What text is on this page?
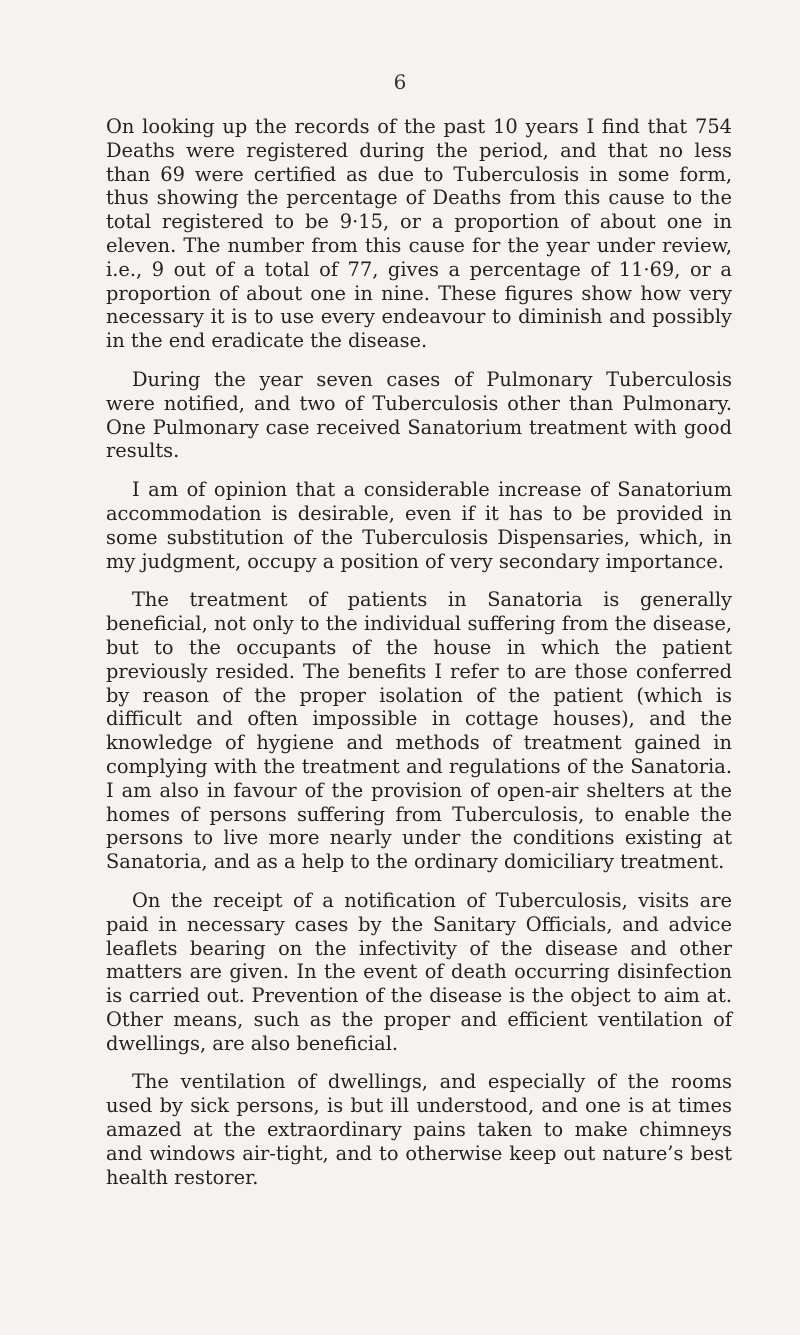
6

On looking up the records of the past 10 years I find that 754 Deaths were registered during the period, and that no less than 69 were certified as due to Tuberculosis in some form, thus showing the percentage of Deaths from this cause to the total registered to be 9·15, or a proportion of about one in eleven. The number from this cause for the year under review, i.e., 9 out of a total of 77, gives a percentage of 11·69, or a proportion of about one in nine. These figures show how very necessary it is to use every endeavour to diminish and possibly in the end eradicate the disease.

During the year seven cases of Pulmonary Tuberculosis were notified, and two of Tuberculosis other than Pulmonary. One Pulmonary case received Sanatorium treatment with good results.

I am of opinion that a considerable increase of Sanatorium accommodation is desirable, even if it has to be provided in some substitution of the Tuberculosis Dispensaries, which, in my judgment, occupy a position of very secondary importance.

The treatment of patients in Sanatoria is generally beneficial, not only to the individual suffering from the disease, but to the occupants of the house in which the patient previously resided. The benefits I refer to are those conferred by reason of the proper isolation of the patient (which is difficult and often impossible in cottage houses), and the knowledge of hygiene and methods of treatment gained in complying with the treatment and regulations of the Sanatoria. I am also in favour of the provision of open-air shelters at the homes of persons suffering from Tuberculosis, to enable the persons to live more nearly under the conditions existing at Sanatoria, and as a help to the ordinary domiciliary treatment.

On the receipt of a notification of Tuberculosis, visits are paid in necessary cases by the Sanitary Officials, and advice leaflets bearing on the infectivity of the disease and other matters are given. In the event of death occurring disinfection is carried out. Prevention of the disease is the object to aim at. Other means, such as the proper and efficient ventilation of dwellings, are also beneficial.

The ventilation of dwellings, and especially of the rooms used by sick persons, is but ill understood, and one is at times amazed at the extraordinary pains taken to make chimneys and windows air-tight, and to otherwise keep out nature’s best health restorer.
